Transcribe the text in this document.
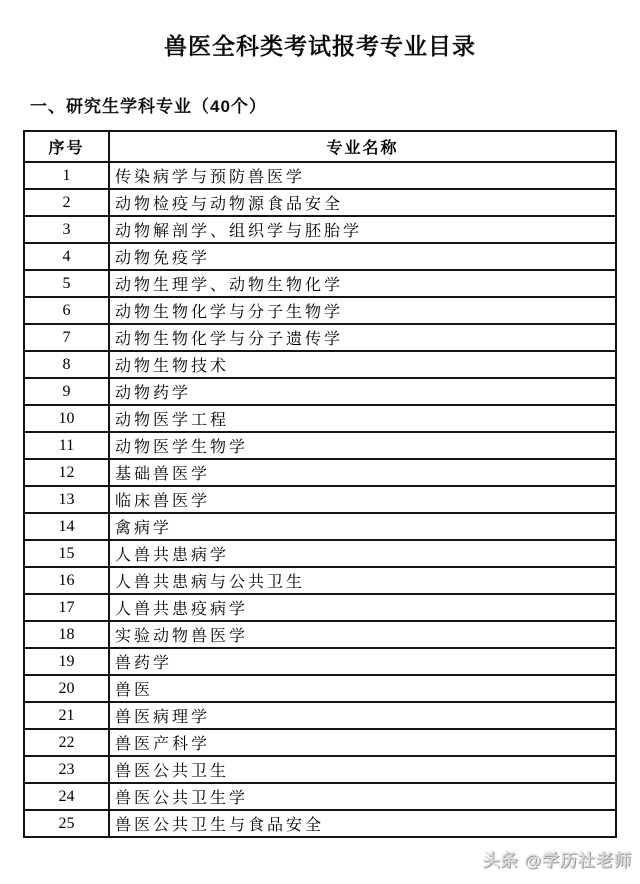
兽医全科类考试报考专业目录
一、研究生学科专业（40个）
序号	专业名称
1	传染病学与预防兽医学
2	动物检疫与动物源食品安全
3	动物解剖学、组织学与胚胎学
4	动物免疫学
5	动物生理学、动物生物化学
6	动物生物化学与分子生物学
7	动物生物化学与分子遗传学
8	动物生物技术
9	动物药学
10	动物医学工程
11	动物医学生物学
12	基础兽医学
13	临床兽医学
14	禽病学
15	人兽共患病学
16	人兽共患病与公共卫生
17	人兽共患疫病学
18	实验动物兽医学
19	兽药学
20	兽医
21	兽医病理学
22	兽医产科学
23	兽医公共卫生
24	兽医公共卫生学
25	兽医公共卫生与食品安全
头条 @学历社老师
